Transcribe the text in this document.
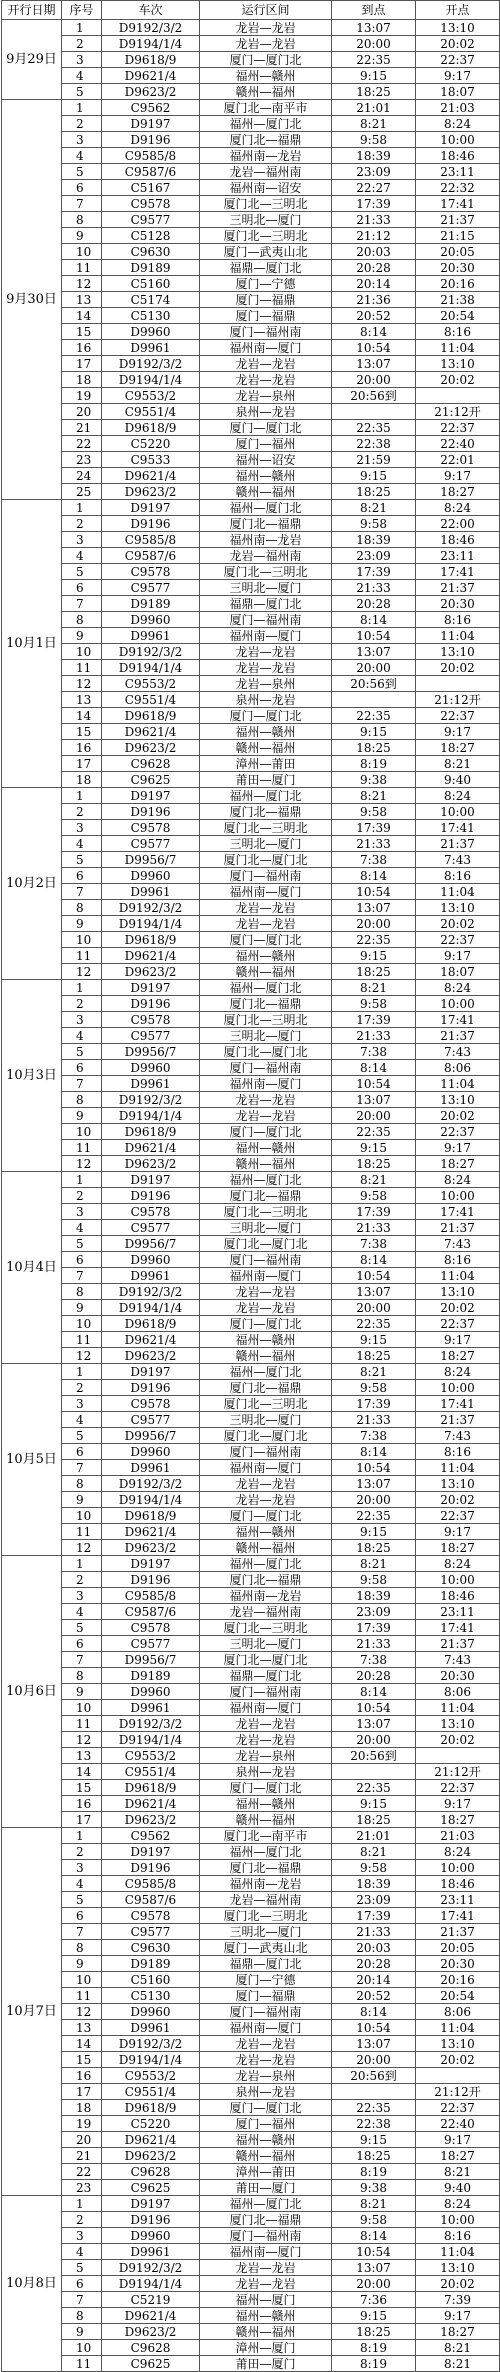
开行日期	序号	车次	运行区间	到点	开点
9月29日	1	D9192/3/2	龙岩—龙岩	13:07	13:10
	2	D9194/1/4	龙岩—龙岩	20:00	20:02
	3	D9618/9	厦门—厦门北	22:35	22:37
	4	D9621/4	福州—赣州	9:15	9:17
	5	D9623/2	赣州—福州	18:25	18:07
9月30日	1	C9562	厦门北—南平市	21:01	21:03
	2	D9197	福州—厦门北	8:21	8:24
	3	D9196	厦门北—福鼎	9:58	10:00
	4	C9585/8	福州南—龙岩	18:39	18:46
	5	C9587/6	龙岩—福州南	23:09	23:11
	6	C5167	福州南—诏安	22:27	22:32
	7	C9578	厦门北—三明北	17:39	17:41
	8	C9577	三明北—厦门	21:33	21:37
	9	C5128	厦门北—三明北	21:12	21:15
	10	C9630	厦门—武夷山北	20:03	20:05
	11	D9189	福鼎—厦门北	20:28	20:30
	12	C5160	厦门—宁德	20:14	20:16
	13	C5174	厦门—福鼎	21:36	21:38
	14	C5130	厦门—福鼎	20:52	20:54
	15	D9960	厦门—福州南	8:14	8:16
	16	D9961	福州南—厦门	10:54	11:04
	17	D9192/3/2	龙岩—龙岩	13:07	13:10
	18	D9194/1/4	龙岩—龙岩	20:00	20:02
	19	C9553/2	龙岩—泉州	20:56到	
	20	C9551/4	泉州—龙岩		21:12开
	21	D9618/9	厦门—厦门北	22:35	22:37
	22	C5220	厦门—福州	22:38	22:40
	23	C9533	福州—诏安	21:59	22:01
	24	D9621/4	福州—赣州	9:15	9:17
	25	D9623/2	赣州—福州	18:25	18:27
10月1日	1	D9197	福州—厦门北	8:21	8:24
	2	D9196	厦门北—福鼎	9:58	22:00
	3	C9585/8	福州南—龙岩	18:39	18:46
	4	C9587/6	龙岩—福州南	23:09	23:11
	5	C9578	厦门北—三明北	17:39	17:41
	6	C9577	三明北—厦门	21:33	21:37
	7	D9189	福鼎—厦门北	20:28	20:30
	8	D9960	厦门—福州南	8:14	8:16
	9	D9961	福州南—厦门	10:54	11:04
	10	D9192/3/2	龙岩—龙岩	13:07	13:10
	11	D9194/1/4	龙岩—龙岩	20:00	20:02
	12	C9553/2	龙岩—泉州	20:56到	
	13	C9551/4	泉州—龙岩		21:12开
	14	D9618/9	厦门—厦门北	22:35	22:37
	15	D9621/4	福州—赣州	9:15	9:17
	16	D9623/2	赣州—福州	18:25	18:27
	17	C9628	漳州—莆田	8:19	8:21
	18	C9625	莆田—厦门	9:38	9:40
10月2日	1	D9197	福州—厦门北	8:21	8:24
	2	D9196	厦门北—福鼎	9:58	10:00
	3	C9578	厦门北—三明北	17:39	17:41
	4	C9577	三明北—厦门	21:33	21:37
	5	D9956/7	厦门北—厦门北	7:38	7:43
	6	D9960	厦门—福州南	8:14	8:16
	7	D9961	福州南—厦门	10:54	11:04
	8	D9192/3/2	龙岩—龙岩	13:07	13:10
	9	D9194/1/4	龙岩—龙岩	20:00	20:02
	10	D9618/9	厦门—厦门北	22:35	22:37
	11	D9621/4	福州—赣州	9:15	9:17
	12	D9623/2	赣州—福州	18:25	18:07
10月3日	1	D9197	福州—厦门北	8:21	8:24
	2	D9196	厦门北—福鼎	9:58	10:00
	3	C9578	厦门北—三明北	17:39	17:41
	4	C9577	三明北—厦门	21:33	21:37
	5	D9956/7	厦门北—厦门北	7:38	7:43
	6	D9960	厦门—福州南	8:14	8:06
	7	D9961	福州南—厦门	10:54	11:04
	8	D9192/3/2	龙岩—龙岩	13:07	13:10
	9	D9194/1/4	龙岩—龙岩	20:00	20:02
	10	D9618/9	厦门—厦门北	22:35	22:37
	11	D9621/4	福州—赣州	9:15	9:17
	12	D9623/2	赣州—福州	18:25	18:27
10月4日	1	D9197	福州—厦门北	8:21	8:24
	2	D9196	厦门北—福鼎	9:58	10:00
	3	C9578	厦门北—三明北	17:39	17:41
	4	C9577	三明北—厦门	21:33	21:37
	5	D9956/7	厦门北—厦门北	7:38	7:43
	6	D9960	厦门—福州南	8:14	8:16
	7	D9961	福州南—厦门	10:54	11:04
	8	D9192/3/2	龙岩—龙岩	13:07	13:10
	9	D9194/1/4	龙岩—龙岩	20:00	20:02
	10	D9618/9	厦门—厦门北	22:35	22:37
	11	D9621/4	福州—赣州	9:15	9:17
	12	D9623/2	赣州—福州	18:25	18:27
10月5日	1	D9197	福州—厦门北	8:21	8:24
	2	D9196	厦门北—福鼎	9:58	10:00
	3	C9578	厦门北—三明北	17:39	17:41
	4	C9577	三明北—厦门	21:33	21:37
	5	D9956/7	厦门北—厦门北	7:38	7:43
	6	D9960	厦门—福州南	8:14	8:16
	7	D9961	福州南—厦门	10:54	11:04
	8	D9192/3/2	龙岩—龙岩	13:07	13:10
	9	D9194/1/4	龙岩—龙岩	20:00	20:02
	10	D9618/9	厦门—厦门北	22:35	22:37
	11	D9621/4	福州—赣州	9:15	9:17
	12	D9623/2	赣州—福州	18:25	18:27
10月6日	1	D9197	福州—厦门北	8:21	8:24
	2	D9196	厦门北—福鼎	9:58	10:00
	3	C9585/8	福州南—龙岩	18:39	18:46
	4	C9587/6	龙岩—福州南	23:09	23:11
	5	C9578	厦门北—三明北	17:39	17:41
	6	C9577	三明北—厦门	21:33	21:37
	7	D9956/7	厦门北—厦门北	7:38	7:43
	8	D9189	福鼎—厦门北	20:28	20:30
	9	D9960	厦门—福州南	8:14	8:06
	10	D9961	福州南—厦门	10:54	11:04
	11	D9192/3/2	龙岩—龙岩	13:07	13:10
	12	D9194/1/4	龙岩—龙岩	20:00	20:02
	13	C9553/2	龙岩—泉州	20:56到	
	14	C9551/4	泉州—龙岩		21:12开
	15	D9618/9	厦门—厦门北	22:35	22:37
	16	D9621/4	福州—赣州	9:15	9:17
	17	D9623/2	赣州—福州	18:25	18:27
10月7日	1	C9562	厦门北—南平市	21:01	21:03
	2	D9197	福州—厦门北	8:21	8:24
	3	D9196	厦门北—福鼎	9:58	10:00
	4	C9585/8	福州南—龙岩	18:39	18:46
	5	C9587/6	龙岩—福州南	23:09	23:11
	6	C9578	厦门北—三明北	17:39	17:41
	7	C9577	三明北—厦门	21:33	21:37
	8	C9630	厦门—武夷山北	20:03	20:05
	9	D9189	福鼎—厦门北	20:28	20:30
	10	C5160	厦门—宁德	20:14	20:16
	11	C5130	厦门—福鼎	20:52	20:54
	12	D9960	厦门—福州南	8:14	8:06
	13	D9961	福州南—厦门	10:54	11:04
	14	D9192/3/2	龙岩—龙岩	13:07	13:10
	15	D9194/1/4	龙岩—龙岩	20:00	20:02
	16	C9553/2	龙岩—泉州	20:56到	
	17	C9551/4	泉州—龙岩		21:12开
	18	D9618/9	厦门—厦门北	22:35	22:37
	19	C5220	厦门—福州	22:38	22:40
	20	D9621/4	福州—赣州	9:15	9:17
	21	D9623/2	赣州—福州	18:25	18:27
	22	C9628	漳州—莆田	8:19	8:21
	23	C9625	莆田—厦门	9:38	9:40
10月8日	1	D9197	福州—厦门北	8:21	8:24
	2	D9196	厦门北—福鼎	9:58	10:00
	3	D9960	厦门—福州南	8:14	8:16
	4	D9961	福州南—厦门	10:54	11:04
	5	D9192/3/2	龙岩—龙岩	13:07	13:10
	6	D9194/1/4	龙岩—龙岩	20:00	20:02
	7	C5219	福州—厦门	7:36	7:39
	8	D9621/4	福州—赣州	9:15	9:17
	9	D9623/2	赣州—福州	18:25	18:27
	10	C9628	漳州—厦门	8:19	8:21
	11	C9625	莆田—厦门	8:19	8:21
